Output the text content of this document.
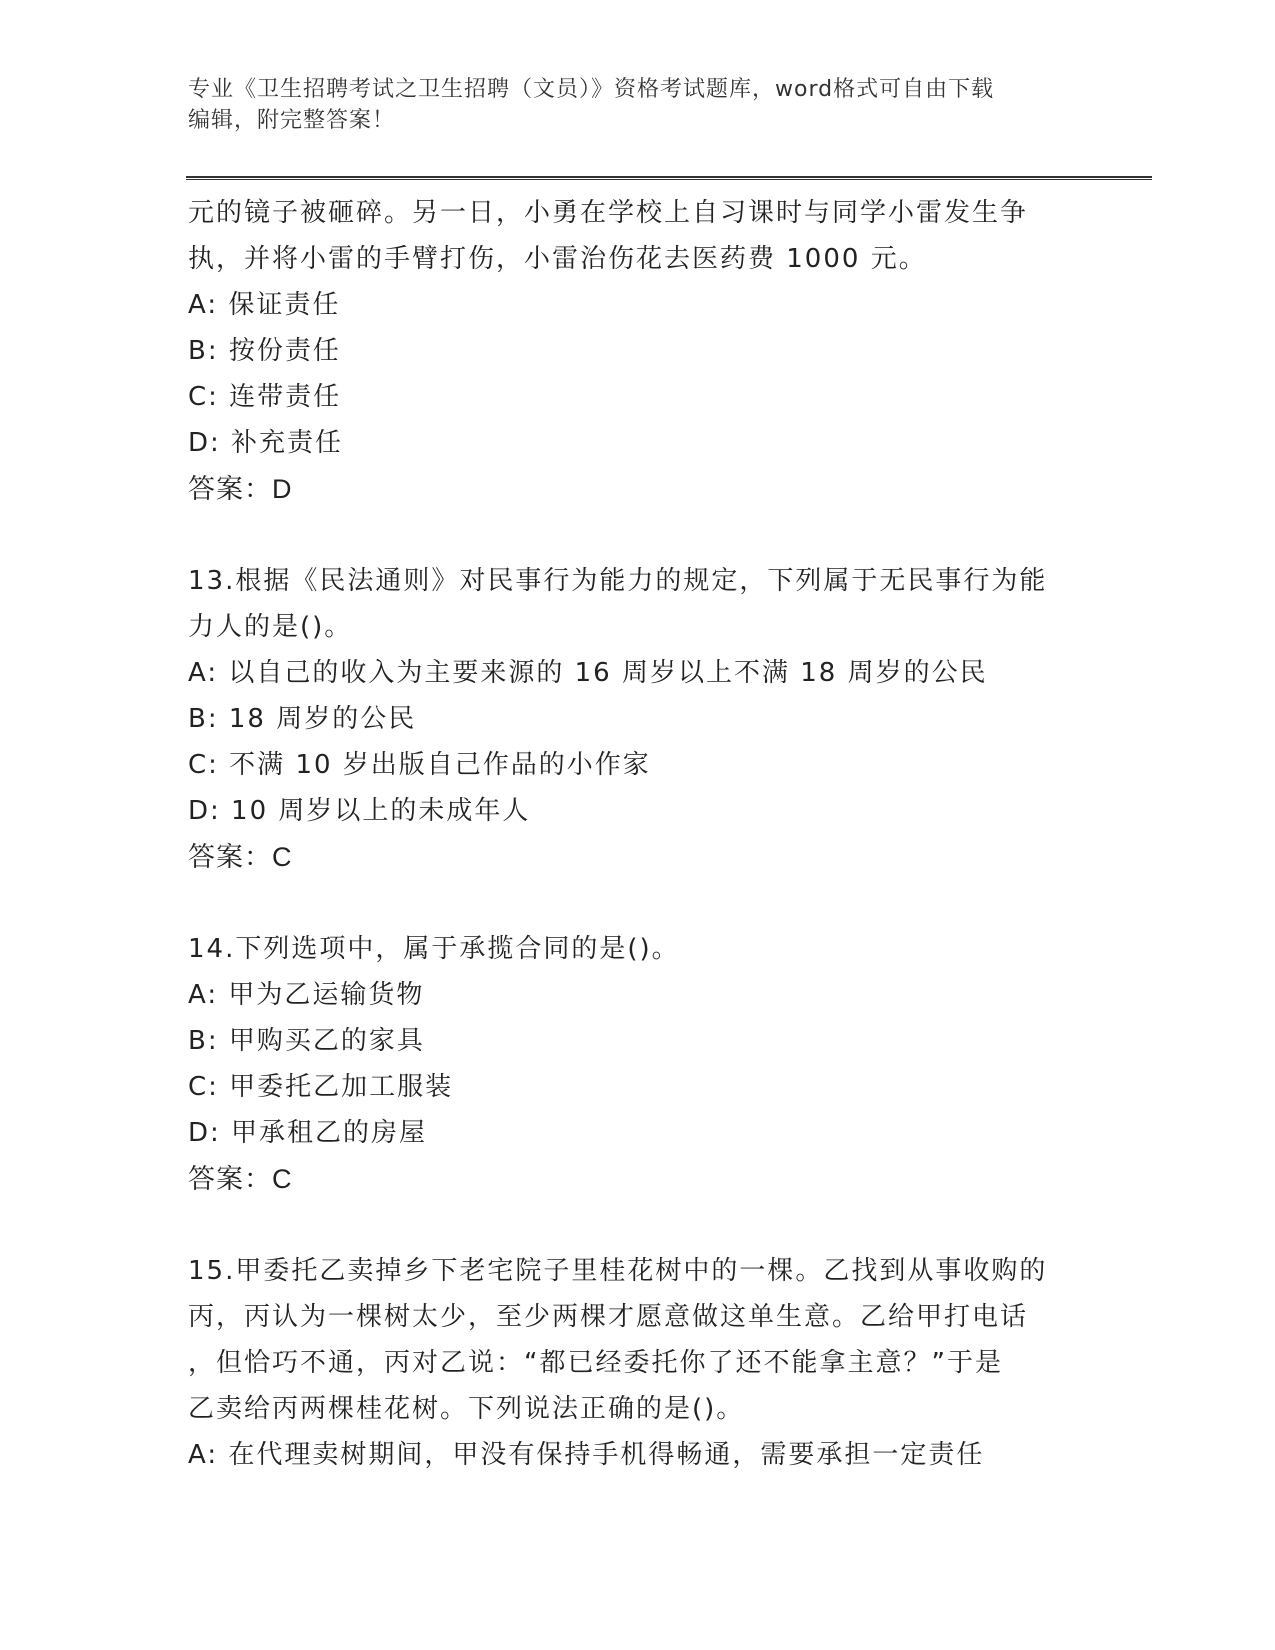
专业《卫生招聘考试之卫生招聘（文员）》资格考试题库，word格式可自由下载
编辑，附完整答案！
元的镜子被砸碎。另一日，小勇在学校上自习课时与同学小雷发生争
执，并将小雷的手臂打伤，小雷治伤花去医药费 1000 元。
A: 保证责任
B: 按份责任
C: 连带责任
D: 补充责任
答案：D
13.根据《民法通则》对民事行为能力的规定，下列属于无民事行为能
力人的是()。
A: 以自己的收入为主要来源的 16 周岁以上不满 18 周岁的公民
B: 18 周岁的公民
C: 不满 10 岁出版自己作品的小作家
D: 10 周岁以上的未成年人
答案：C
14.下列选项中，属于承揽合同的是()。
A: 甲为乙运输货物
B: 甲购买乙的家具
C: 甲委托乙加工服装
D: 甲承租乙的房屋
答案：C
15.甲委托乙卖掉乡下老宅院子里桂花树中的一棵。乙找到从事收购的
丙，丙认为一棵树太少，至少两棵才愿意做这单生意。乙给甲打电话
，但恰巧不通，丙对乙说：“都已经委托你了还不能拿主意？”于是
乙卖给丙两棵桂花树。下列说法正确的是()。
A: 在代理卖树期间，甲没有保持手机得畅通，需要承担一定责任
